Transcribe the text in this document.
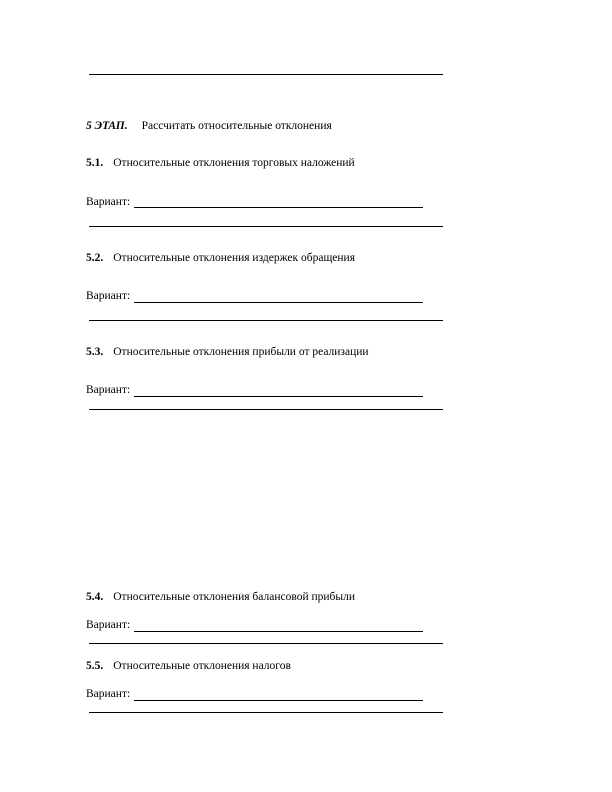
5 ЭТАП. Рассчитать относительные отклонения
5.1. Относительные отклонения торговых наложений
Вариант:
5.2. Относительные отклонения издержек обращения
Вариант:
5.3. Относительные отклонения прибыли от реализации
Вариант:
5.4. Относительные отклонения балансовой прибыли
Вариант:
5.5. Относительные отклонения налогов
Вариант:
